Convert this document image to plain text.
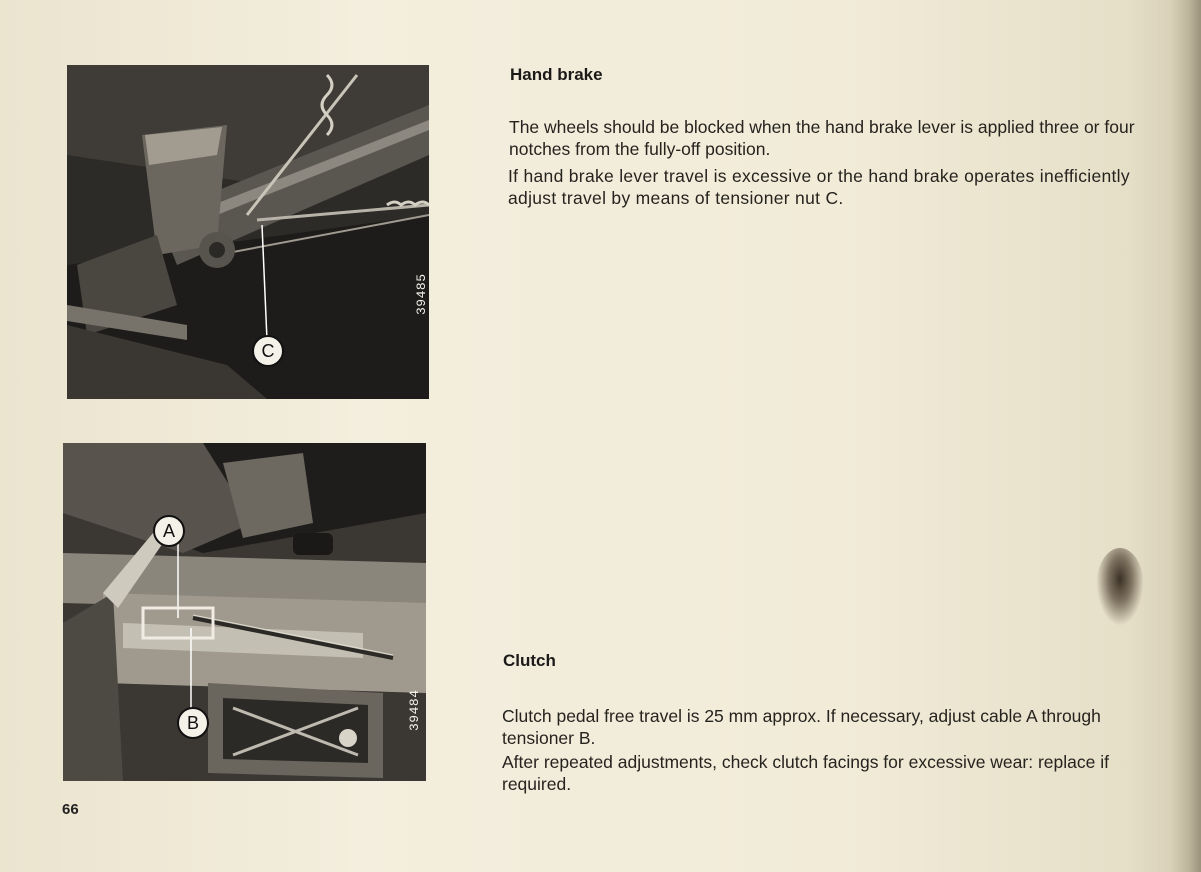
C
39485
A
B	39484
Hand brake

The wheels should be blocked when the hand brake lever is applied three or four notches from the fully-off position.

If hand brake lever travel is excessive or the hand brake operates inefficiently adjust travel by means of tensioner nut C.

Clutch

Clutch pedal free travel is 25 mm approx. If necessary, adjust cable A through tensioner B.

After repeated adjustments, check clutch facings for excessive wear: replace if required.

66
